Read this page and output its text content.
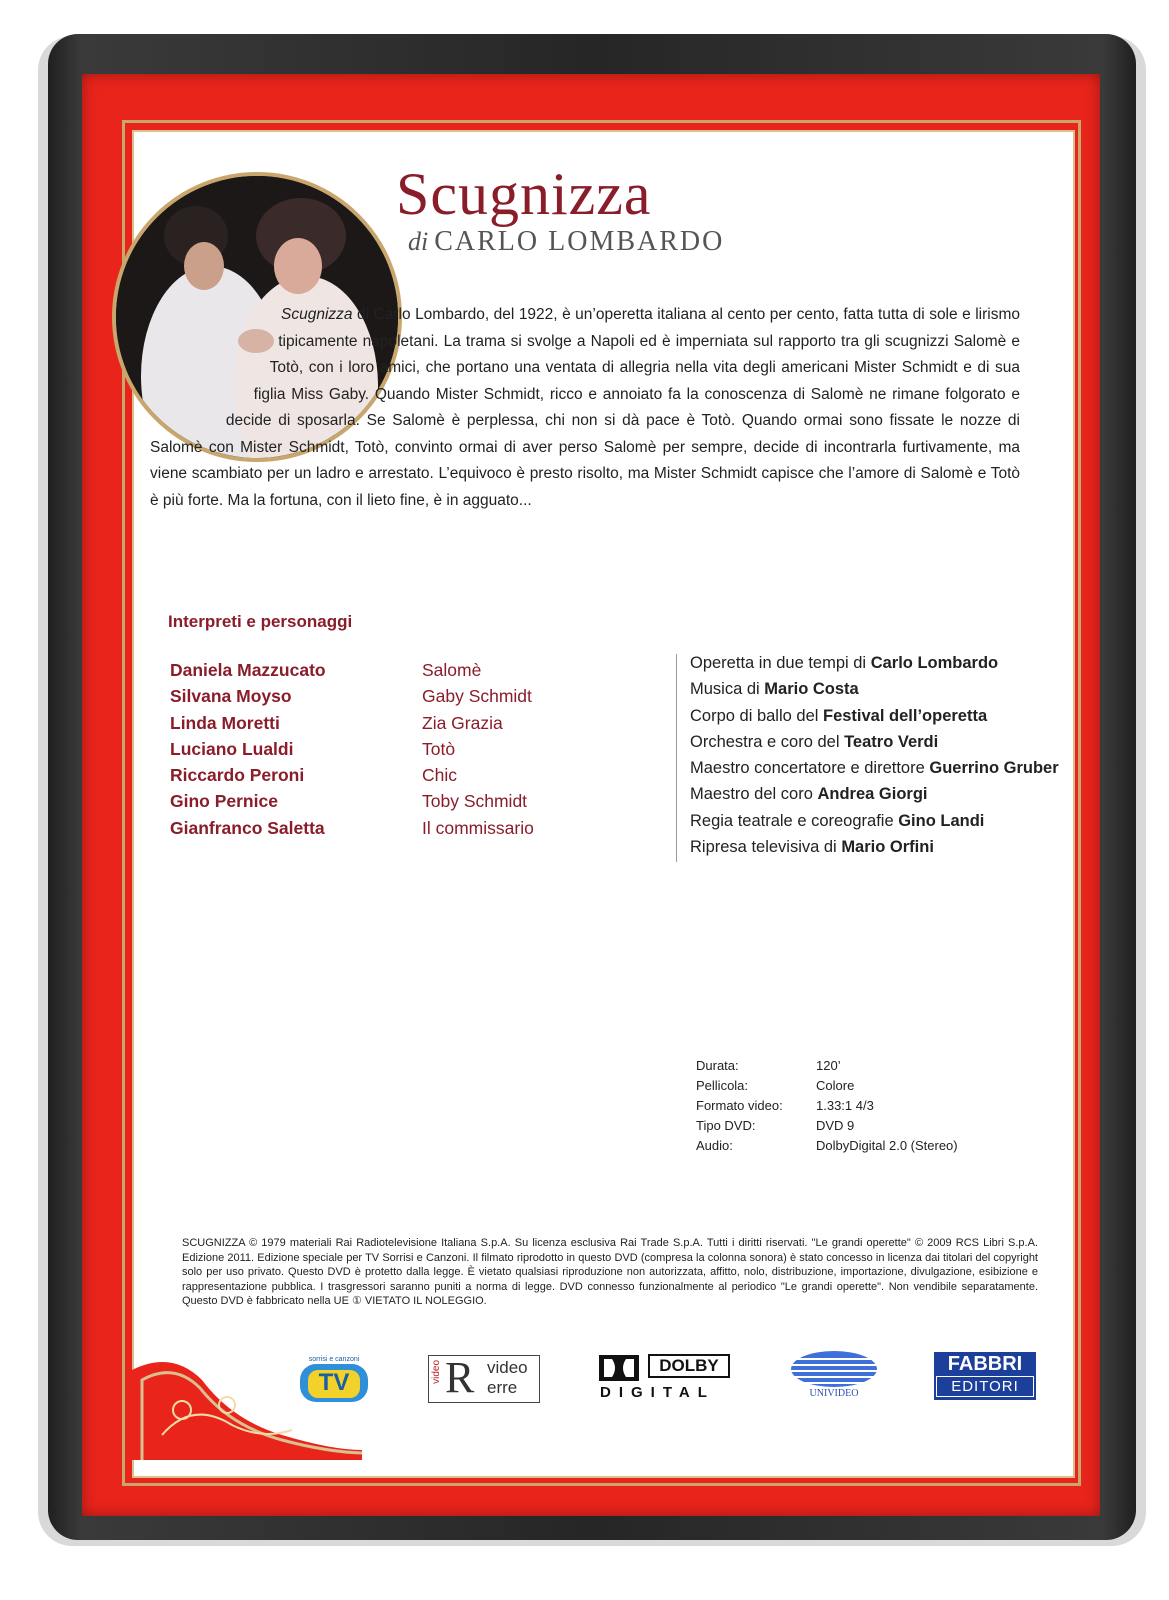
Scugnizza
di CARLO LOMBARDO
Scugnizza di Carlo Lombardo, del 1922, è un’operetta italiana al cento per cento, fatta tutta di sole e lirismo tipicamente napoletani. La trama si svolge a Napoli ed è imperniata sul rapporto tra gli scugnizzi Salomè e Totò, con i loro amici, che portano una ventata di allegria nella vita degli americani Mister Schmidt e di sua figlia Miss Gaby. Quando Mister Schmidt, ricco e annoiato fa la conoscenza di Salomè ne rimane folgorato e decide di sposarla. Se Salomè è perplessa, chi non si dà pace è Totò. Quando ormai sono fissate le nozze di Salomè con Mister Schmidt, Totò, convinto ormai di aver perso Salomè per sempre, decide di incontrarla furtivamente, ma viene scambiato per un ladro e arrestato. L’equivoco è presto risolto, ma Mister Schmidt capisce che l’amore di Salomè e Totò è più forte. Ma la fortuna, con il lieto fine, è in agguato...
Interpreti e personaggi
Daniela Mazzucato	Salomè
Silvana Moyso	Gaby Schmidt
Linda Moretti	Zia Grazia
Luciano Lualdi	Totò
Riccardo Peroni	Chic
Gino Pernice	Toby Schmidt
Gianfranco Saletta	Il commissario
Operetta in due tempi di Carlo Lombardo
Musica di Mario Costa
Corpo di ballo del Festival dell’operetta
Orchestra e coro del Teatro Verdi
Maestro concertatore e direttore Guerrino Gruber
Maestro del coro Andrea Giorgi
Regia teatrale e coreografie Gino Landi
Ripresa televisiva di Mario Orfini
Durata:	120’
Pellicola:	Colore
Formato video:	1.33:1 4/3
Tipo DVD:	DVD 9
Audio:	DolbyDigital 2.0 (Stereo)
SCUGNIZZA © 1979 materiali Rai Radiotelevisione Italiana S.p.A. Su licenza esclusiva Rai Trade S.p.A. Tutti i diritti riservati. "Le grandi operette" © 2009 RCS Libri S.p.A. Edizione 2011. Edizione speciale per TV Sorrisi e Canzoni. Il filmato riprodotto in questo DVD (compresa la colonna sonora) è stato concesso in licenza dai titolari del copyright solo per uso privato. Questo DVD è protetto dalla legge. È vietato qualsiasi riproduzione non autorizzata, affitto, nolo, distribuzione, importazione, divulgazione, esibizione e rappresentazione pubblica. I trasgressori saranno puniti a norma di legge. DVD connesso funzionalmente al periodico "Le grandi operette". Non vendibile separatamente. Questo DVD è fabbricato nella UE ① VIETATO IL NOLEGGIO.
sorrisi e canzoni
TV	video R video
erre
DOLBY
DIGITAL	UNIVIDEO
FABBRI
EDITORI
